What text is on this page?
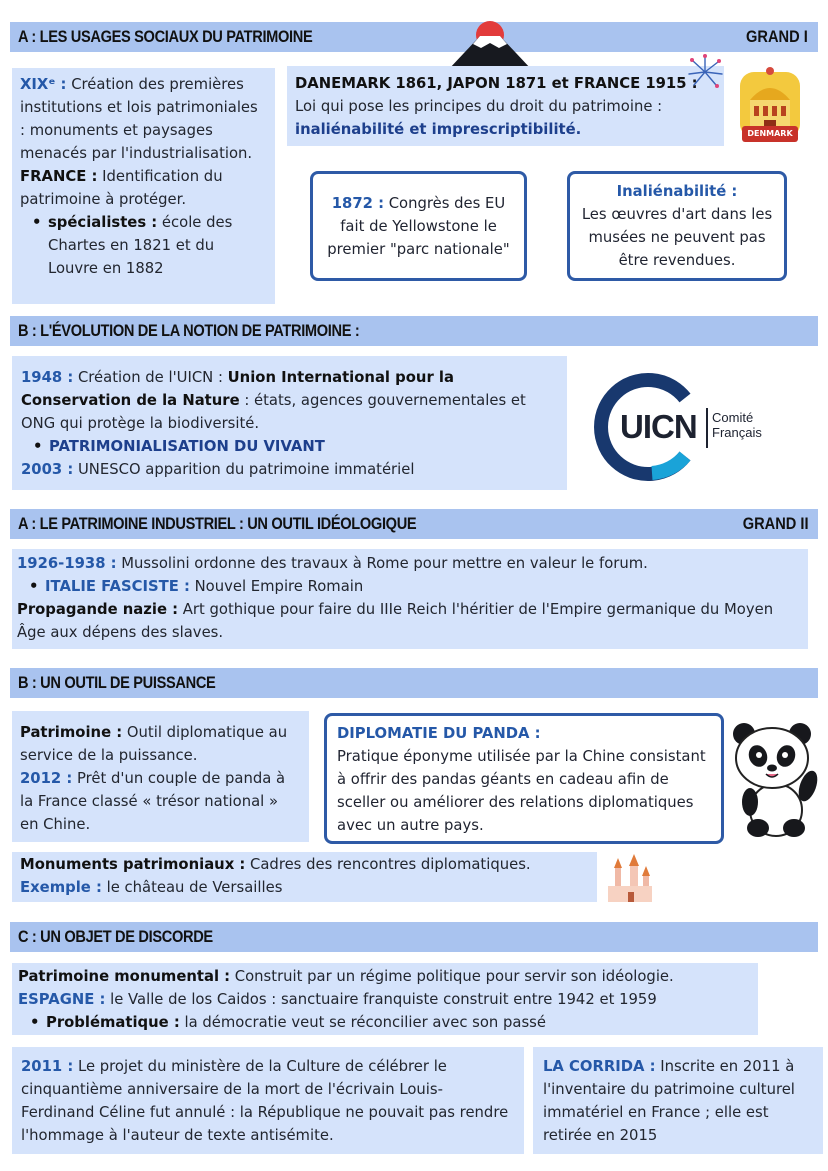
A : LES USAGES SOCIAUX DU PATRIMOINE	GRAND I
XIXᵉ : Création des premières institutions et lois patrimoniales : monuments et paysages menacés par l'industrialisation.
FRANCE : Identification du patrimoine à protéger.
• spécialistes : école des Chartes en 1821 et du Louvre en 1882
DANEMARK 1861, JAPON 1871 et FRANCE 1915 :
Loi qui pose les principes du droit du patrimoine :
inaliénabilité et imprescriptibilité.	DENMARK
1872 : Congrès des EU fait de Yellowstone le premier "parc nationale"
Inaliénabilité :
Les œuvres d'art dans les musées ne peuvent pas être revendues.
B : L'ÉVOLUTION DE LA NOTION DE PATRIMOINE :
1948 : Création de l'UICN : Union International pour la Conservation de la Nature : états, agences gouvernementales et ONG qui protège la biodiversité.
• PATRIMONIALISATION DU VIVANT
2003 : UNESCO apparition du patrimoine immatériel
UICN Comité
Français
A : LE PATRIMOINE INDUSTRIEL : UN OUTIL IDÉOLOGIQUE	GRAND II
1926-1938 : Mussolini ordonne des travaux à Rome pour mettre en valeur le forum.
• ITALIE FASCISTE : Nouvel Empire Romain
Propagande nazie : Art gothique pour faire du IIIe Reich l'héritier de l'Empire germanique du Moyen Âge aux dépens des slaves.
B : UN OUTIL DE PUISSANCE
Patrimoine : Outil diplomatique au service de la puissance.
2012 : Prêt d'un couple de panda à la France classé « trésor national » en Chine.
DIPLOMATIE DU PANDA :
Pratique éponyme utilisée par la Chine consistant à offrir des pandas géants en cadeau afin de sceller ou améliorer des relations diplomatiques avec un autre pays.
Monuments patrimoniaux : Cadres des rencontres diplomatiques.
Exemple : le château de Versailles
C : UN OBJET DE DISCORDE
Patrimoine monumental : Construit par un régime politique pour servir son idéologie.
ESPAGNE : le Valle de los Caidos : sanctuaire franquiste construit entre 1942 et 1959
• Problématique : la démocratie veut se réconcilier avec son passé
2011 : Le projet du ministère de la Culture de célébrer le cinquantième anniversaire de la mort de l'écrivain Louis-Ferdinand Céline fut annulé : la République ne pouvait pas rendre l'hommage à l'auteur de texte antisémite.
LA CORRIDA : Inscrite en 2011 à l'inventaire du patrimoine culturel immatériel en France ; elle est retirée en 2015
